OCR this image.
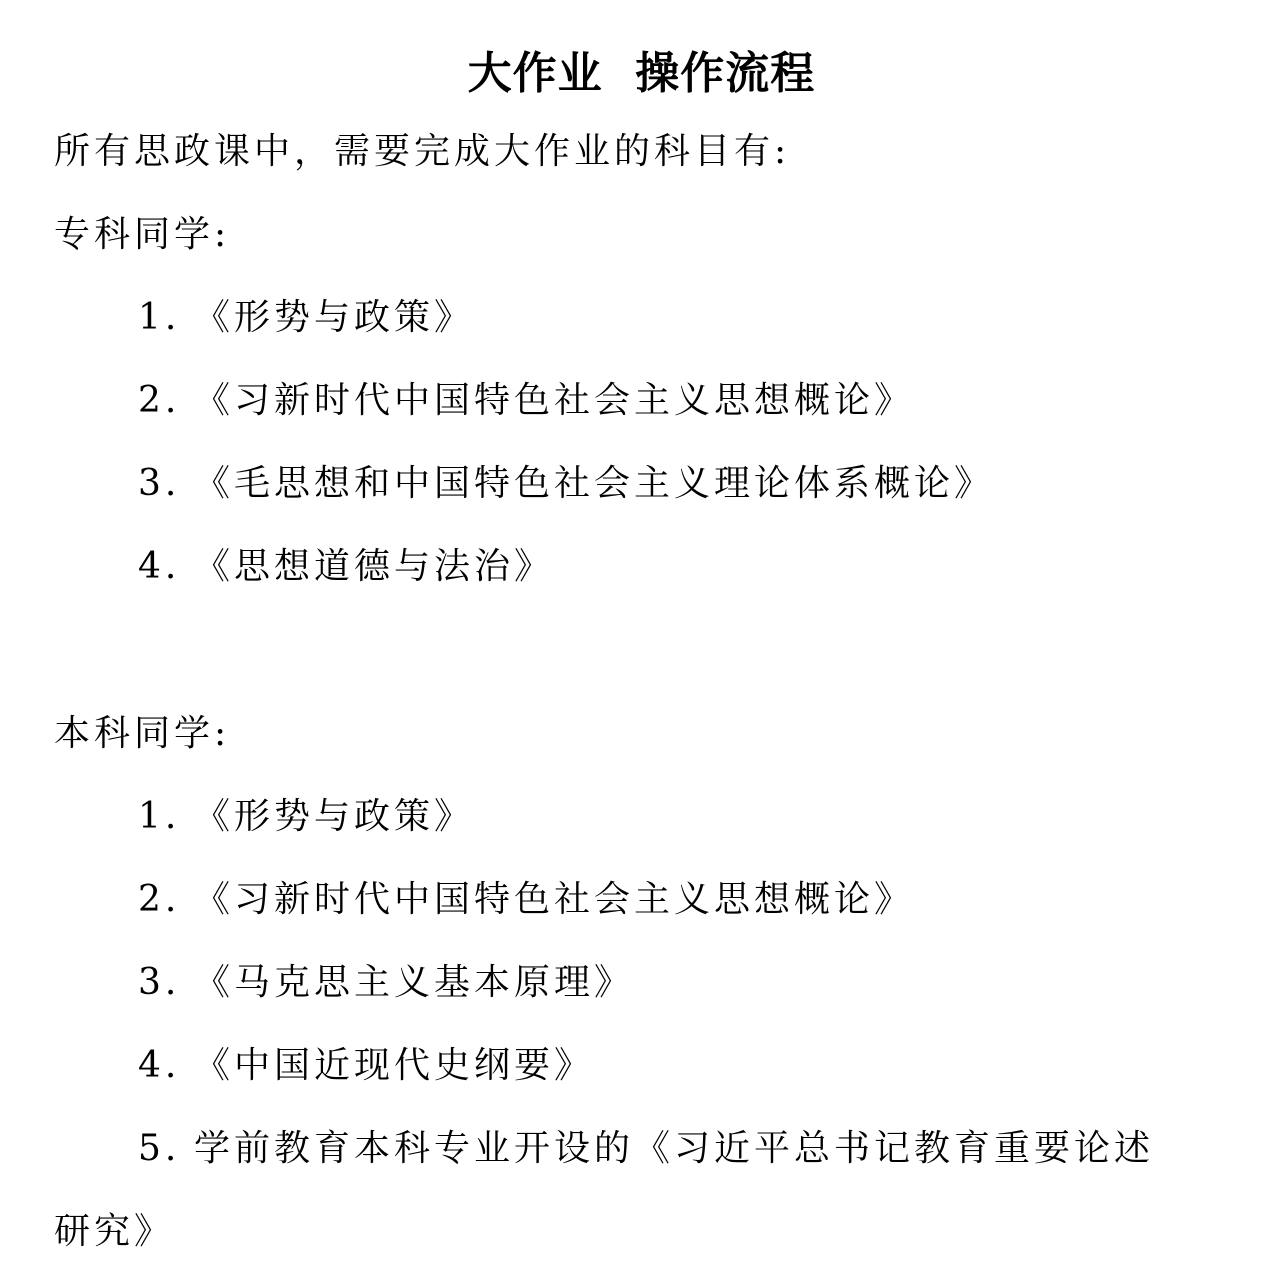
大作业  操作流程
所有思政课中，需要完成大作业的科目有:
专科同学:
1. 《形势与政策》
2. 《习新时代中国特色社会主义思想概论》
3. 《毛思想和中国特色社会主义理论体系概论》
4. 《思想道德与法治》
本科同学:
1. 《形势与政策》
2. 《习新时代中国特色社会主义思想概论》
3. 《马克思主义基本原理》
4. 《中国近现代史纲要》
5. 学前教育本科专业开设的《习近平总书记教育重要论述
研究》
